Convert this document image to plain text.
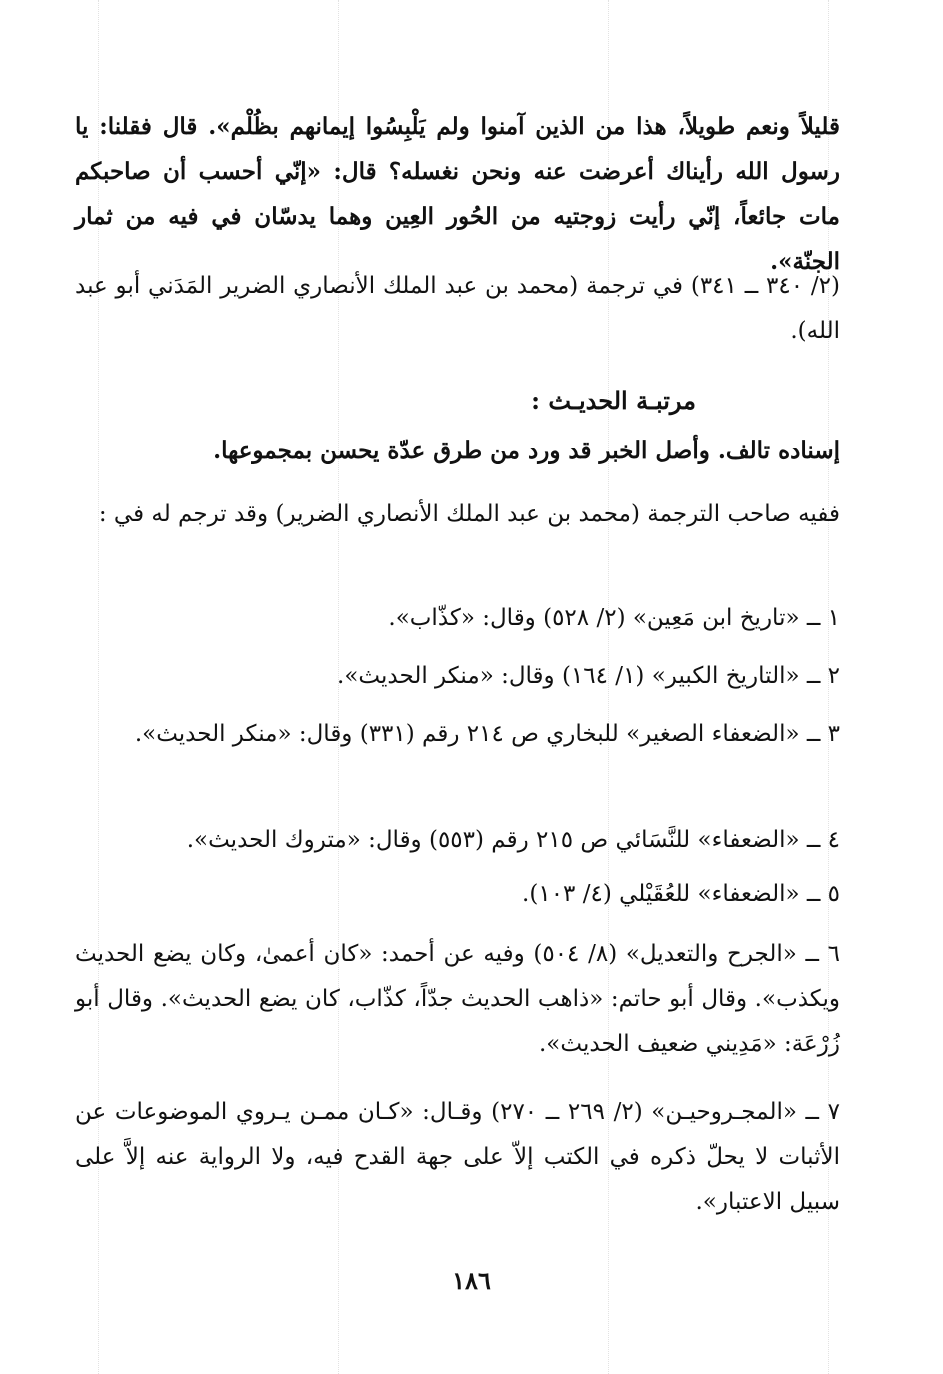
قليلاً ونعم طويلاً، هذا من الذين آمنوا ولم يَلْبِسُوا إيمانهم بظُلْم». قال فقلنا: يا رسول الله رأيناك أعرضت عنه ونحن نغسله؟ قال: «إنّي أحسب أن صاحبكم مات جائعاً، إنّي رأيت زوجتيه من الحُور العِين وهما يدسّان في فيه من ثمار الجنّة».

(٢/ ٣٤٠ ــ ٣٤١) في ترجمة (محمد بن عبد الملك الأنصاري الضرير المَدَني أبو عبد الله).

مرتبـة الحديـث :

إسناده تالف. وأصل الخبر قد ورد من طرق عدّة يحسن بمجموعها.

ففيه صاحب الترجمة (محمد بن عبد الملك الأنصاري الضرير) وقد ترجم له في :

١ ــ «تاريخ ابن مَعِين» (٢/ ٥٢٨) وقال: «كذّاب».

٢ ــ «التاريخ الكبير» (١/ ١٦٤) وقال: «منكر الحديث».

٣ ــ «الضعفاء الصغير» للبخاري ص ٢١٤ رقم (٣٣١) وقال: «منكر الحديث».

٤ ــ «الضعفاء» للنَّسَائي ص ٢١٥ رقم (٥٥٣) وقال: «متروك الحديث».

٥ ــ «الضعفاء» للعُقَيْلي (٤/ ١٠٣).

٦ ــ «الجرح والتعديل» (٨/ ٥٠٤) وفيه عن أحمد: «كان أعمىٰ، وكان يضع الحديث ويكذب». وقال أبو حاتم: «ذاهب الحديث جدّاً، كذّاب، كان يضع الحديث». وقال أبو زُرْعَة: «مَدِيني ضعيف الحديث».

٧ ــ «المجـروحيـن» (٢/ ٢٦٩ ــ ٢٧٠) وقـال: «كـان ممـن يـروي الموضوعات عن الأثبات لا يحلّ ذكره في الكتب إلاّ على جهة القدح فيه، ولا الرواية عنه إلاَّ على سبيل الاعتبار».

١٨٦
